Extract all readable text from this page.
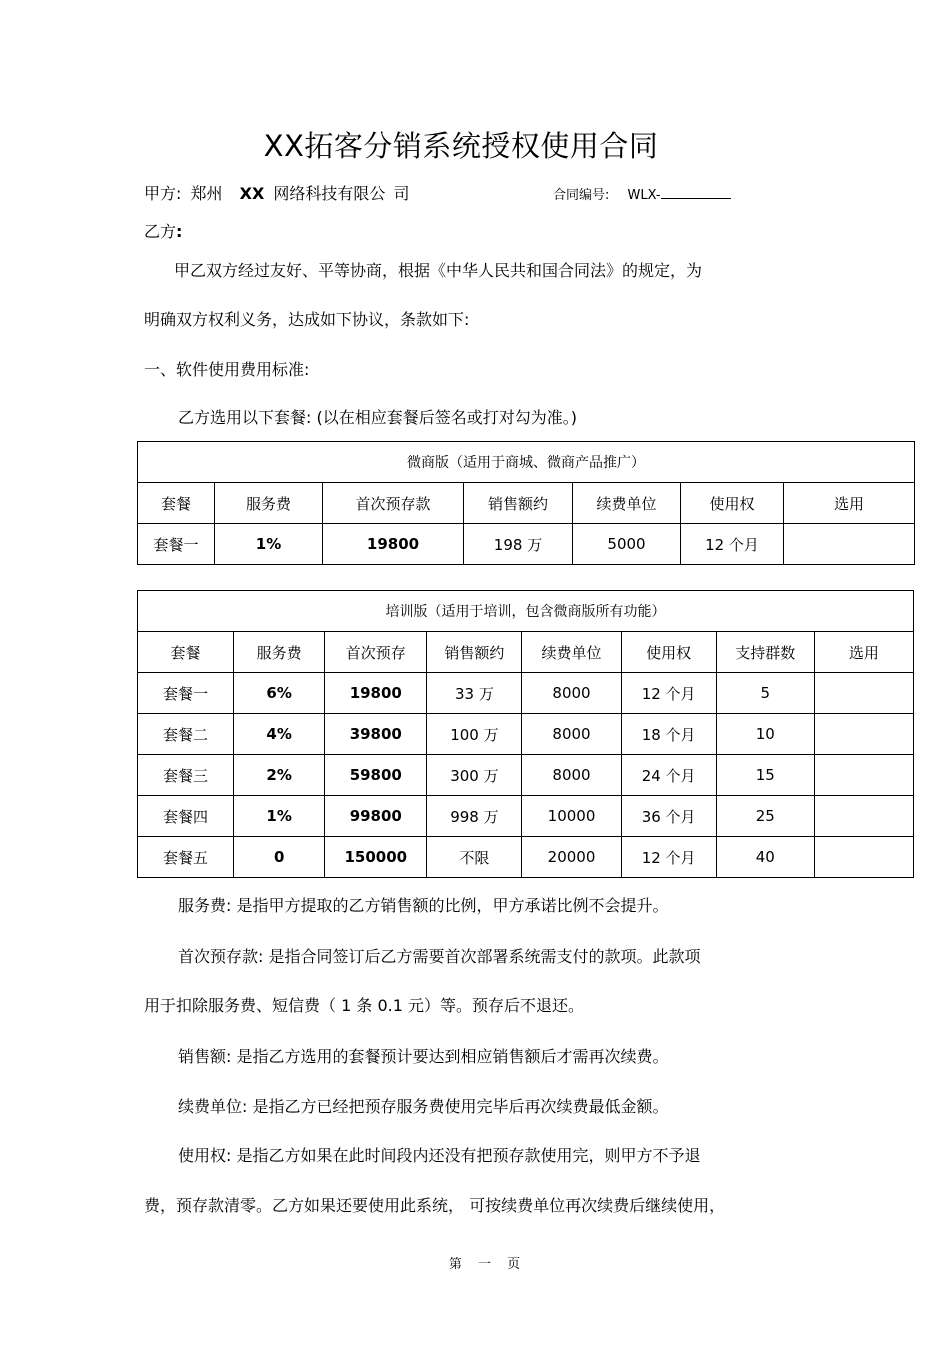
XX拓客分销系统授权使用合同
甲方: 郑州 XX 网络科技有限公 司	合同编号: WLX-
乙方:
甲乙双方经过友好、平等协商，根据《中华人民共和国合同法》的规定，为
明确双方权利义务，达成如下协议，条款如下:
一、软件使用费用标准:
乙方选用以下套餐: (以在相应套餐后签名或打对勾为准。)
微商版（适用于商城、微商产品推广）						
套餐	服务费	首次预存款	销售额约	续费单位	使用权	选用
套餐一	1%	19800	198 万	5000	12 个月	
培训版（适用于培训，包含微商版所有功能）							
套餐	服务费	首次预存	销售额约	续费单位	使用权	支持群数	选用
套餐一	6%	19800	33 万	8000	12 个月	5	
套餐二	4%	39800	100 万	8000	18 个月	10	
套餐三	2%	59800	300 万	8000	24 个月	15	
套餐四	1%	99800	998 万	10000	36 个月	25	
套餐五	0	150000	不限	20000	12 个月	40	
服务费: 是指甲方提取的乙方销售额的比例，甲方承诺比例不会提升。
首次预存款: 是指合同签订后乙方需要首次部署系统需支付的款项。此款项
用于扣除服务费、短信费（ 1 条 0.1 元）等。预存后不退还。
销售额: 是指乙方选用的套餐预计要达到相应销售额后才需再次续费。
续费单位: 是指乙方已经把预存服务费使用完毕后再次续费最低金额。
使用权: 是指乙方如果在此时间段内还没有把预存款使用完，则甲方不予退
费，预存款清零。乙方如果还要使用此系统， 可按续费单位再次续费后继续使用，
第 一 页
